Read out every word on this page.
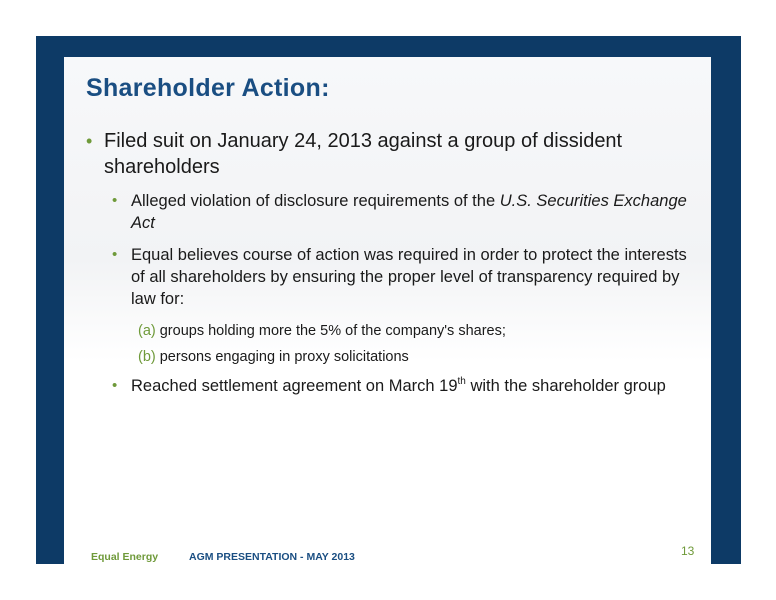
Shareholder Action:
• Filed suit on January 24, 2013 against a group of dissident shareholders
• Alleged violation of disclosure requirements of the U.S. Securities Exchange Act
• Equal believes course of action was required in order to protect the interests of all shareholders by ensuring the proper level of transparency required by law for:
(a) groups holding more the 5% of the company's shares;
(b) persons engaging in proxy solicitations
• Reached settlement agreement on March 19th with the shareholder group
Equal Energy	AGM PRESENTATION - MAY 2013	13
